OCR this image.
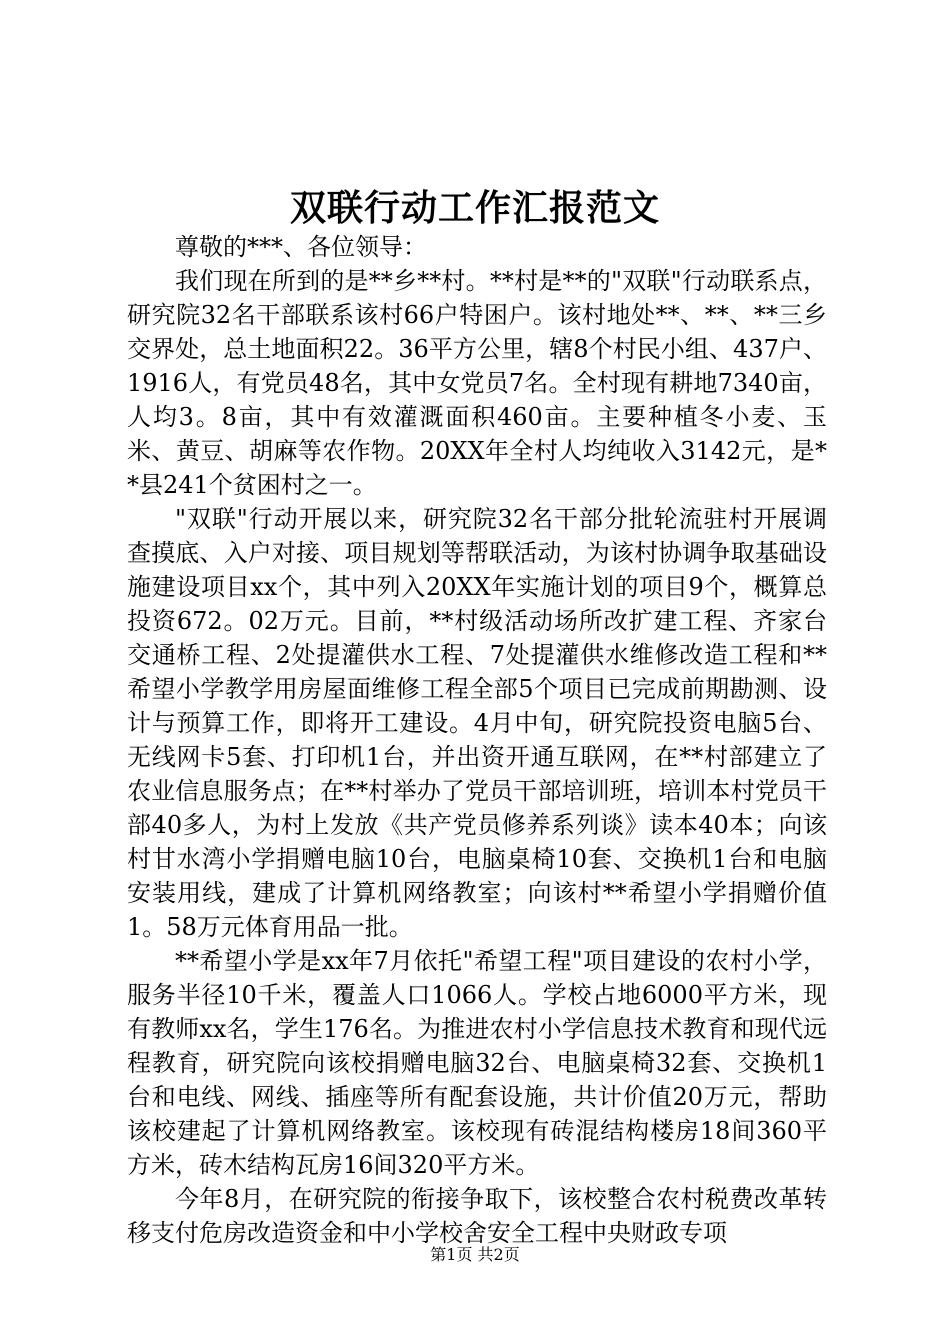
双联行动工作汇报范文

尊敬的***、各位领导：

我们现在所到的是**乡**村。**村是**的"双联"行动联系点，研究院32名干部联系该村66户特困户。该村地处**、**、**三乡交界处，总土地面积22。36平方公里，辖8个村民小组、437户、1916人，有党员48名，其中女党员7名。全村现有耕地7340亩，人均3。8亩，其中有效灌溉面积460亩。主要种植冬小麦、玉米、黄豆、胡麻等农作物。20XX年全村人均纯收入3142元，是**县241个贫困村之一。

"双联"行动开展以来，研究院32名干部分批轮流驻村开展调查摸底、入户对接、项目规划等帮联活动，为该村协调争取基础设施建设项目xx个，其中列入20XX年实施计划的项目9个，概算总投资672。02万元。目前，**村级活动场所改扩建工程、齐家台交通桥工程、2处提灌供水工程、7处提灌供水维修改造工程和**希望小学教学用房屋面维修工程全部5个项目已完成前期勘测、设计与预算工作，即将开工建设。4月中旬，研究院投资电脑5台、无线网卡5套、打印机1台，并出资开通互联网，在**村部建立了农业信息服务点；在**村举办了党员干部培训班，培训本村党员干部40多人，为村上发放《共产党员修养系列谈》读本40本；向该村甘水湾小学捐赠电脑10台，电脑桌椅10套、交换机1台和电脑安装用线，建成了计算机网络教室；向该村**希望小学捐赠价值1。58万元体育用品一批。

**希望小学是xx年7月依托"希望工程"项目建设的农村小学，服务半径10千米，覆盖人口1066人。学校占地6000平方米，现有教师xx名，学生176名。为推进农村小学信息技术教育和现代远程教育，研究院向该校捐赠电脑32台、电脑桌椅32套、交换机1台和电线、网线、插座等所有配套设施，共计价值20万元，帮助该校建起了计算机网络教室。该校现有砖混结构楼房18间360平方米，砖木结构瓦房16间320平方米。

今年8月，在研究院的衔接争取下，该校整合农村税费改革转移支付危房改造资金和中小学校舍安全工程中央财政专项

第1页 共2页
